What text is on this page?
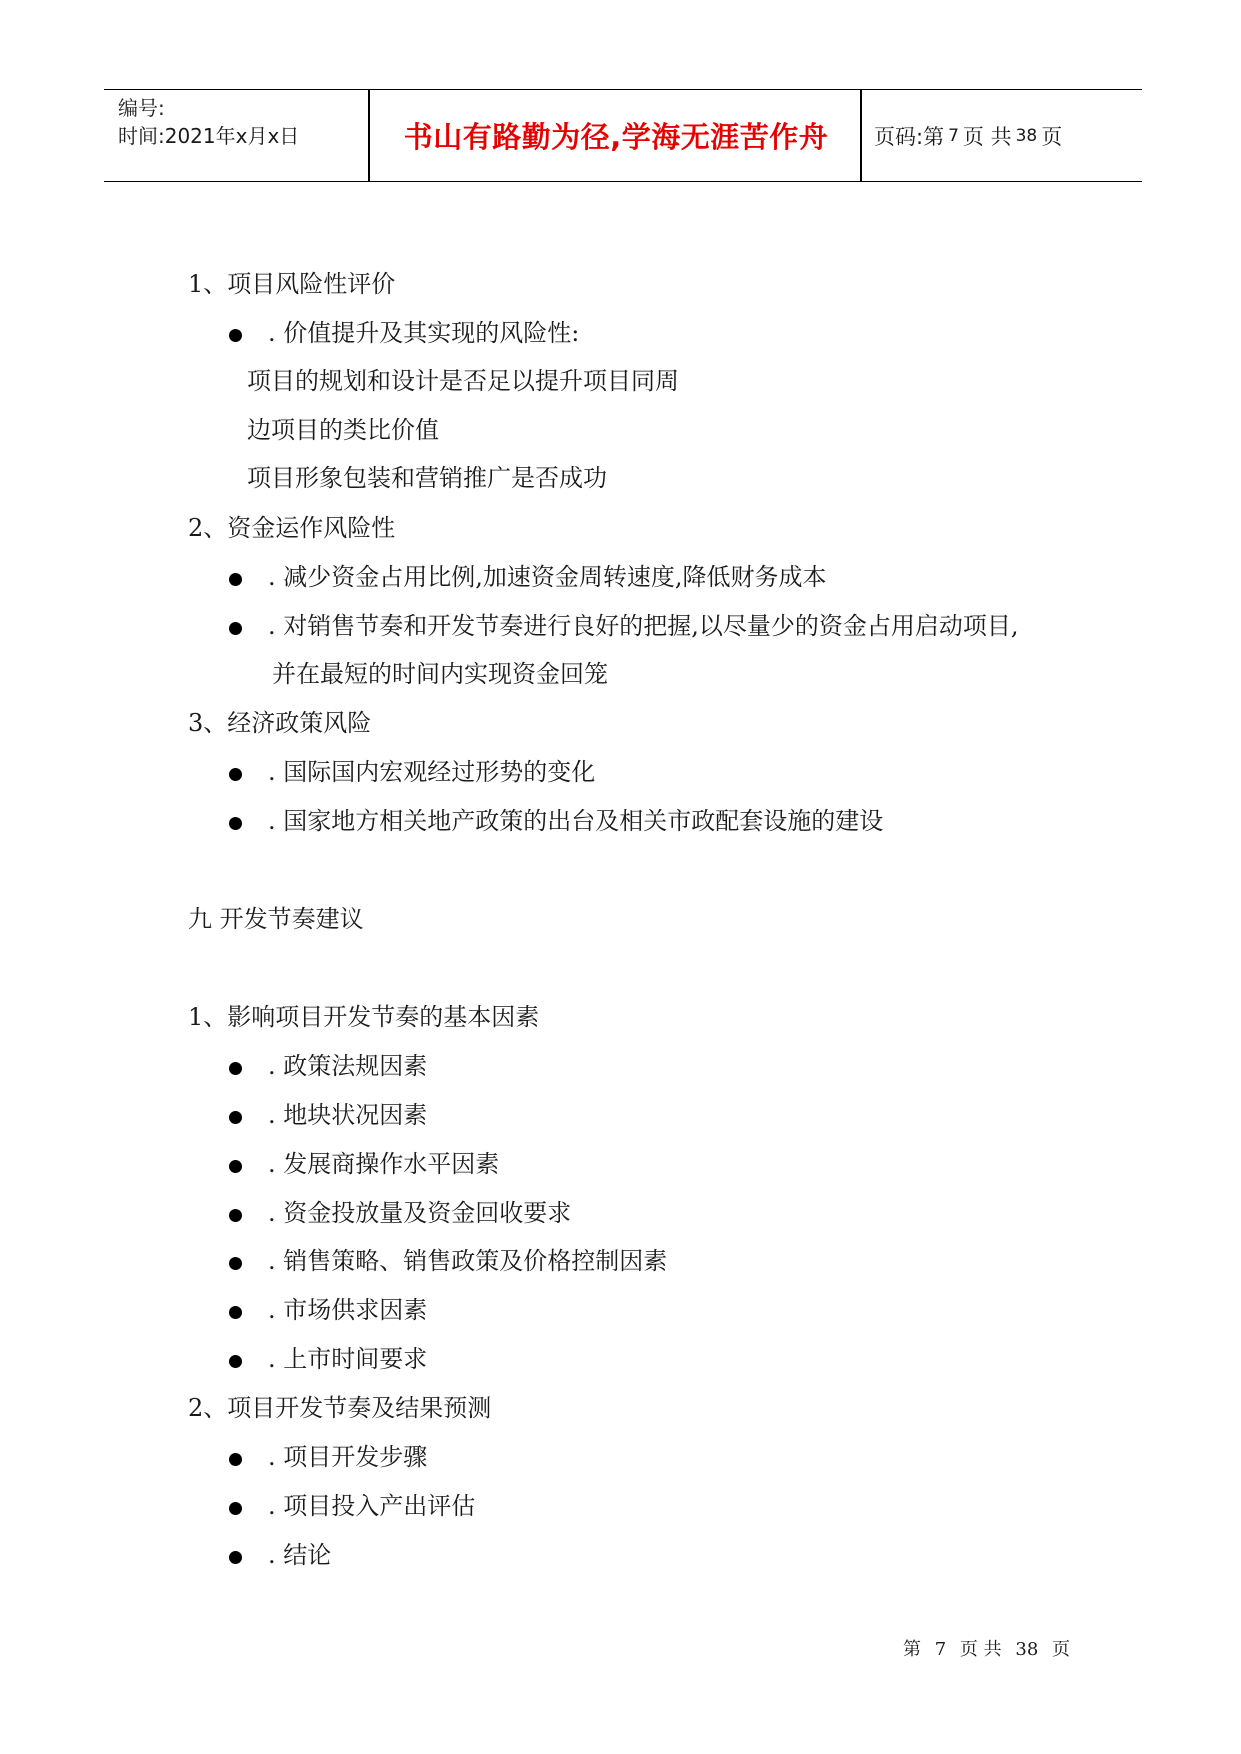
编号:
时间:2021年x月x日	书山有路勤为径,学海无涯苦作舟	页码:第 7 页 共 38 页
1、项目风险性评价
. 价值提升及其实现的风险性:
项目的规划和设计是否足以提升项目同周
边项目的类比价值
项目形象包装和营销推广是否成功
2、资金运作风险性
. 减少资金占用比例,加速资金周转速度,降低财务成本
. 对销售节奏和开发节奏进行良好的把握,以尽量少的资金占用启动项目,
并在最短的时间内实现资金回笼
3、经济政策风险
. 国际国内宏观经过形势的变化
. 国家地方相关地产政策的出台及相关市政配套设施的建设
九 开发节奏建议
1、影响项目开发节奏的基本因素
. 政策法规因素
. 地块状况因素
. 发展商操作水平因素
. 资金投放量及资金回收要求
. 销售策略、销售政策及价格控制因素
. 市场供求因素
. 上市时间要求
2、项目开发节奏及结果预测
. 项目开发步骤
. 项目投入产出评估
. 结论
第 7 页 共 38 页
